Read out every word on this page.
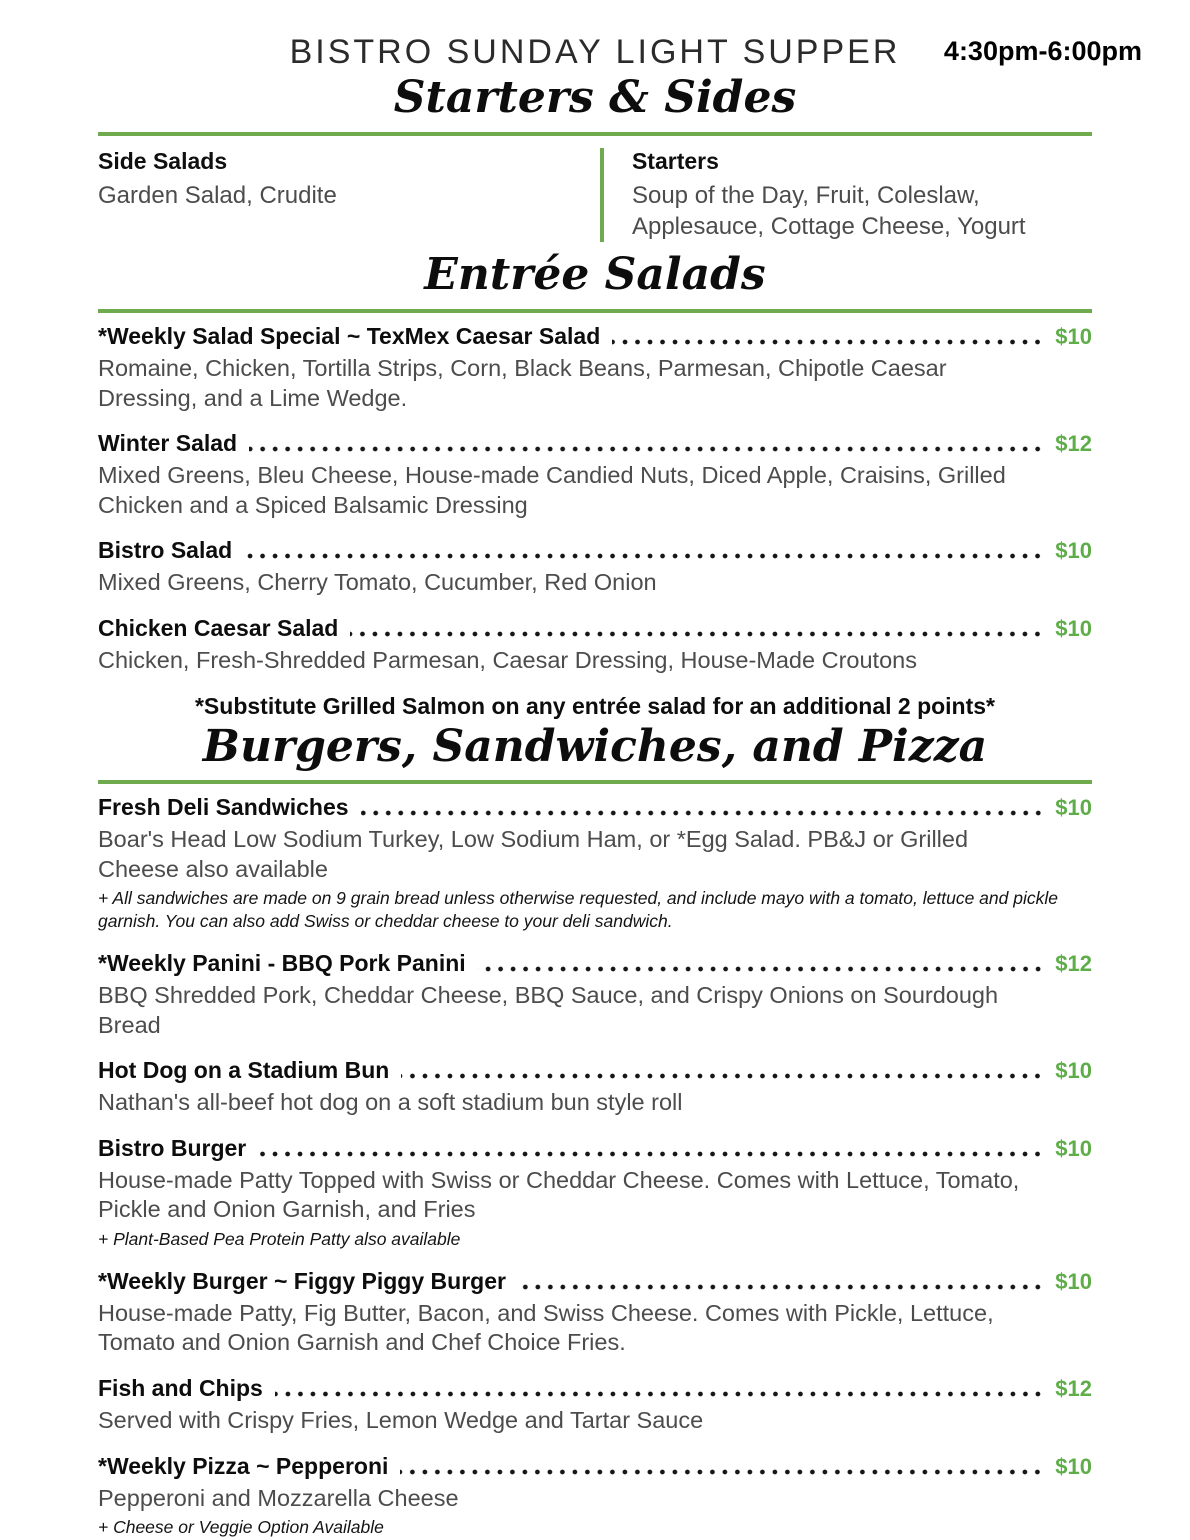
BISTRO SUNDAY LIGHT SUPPER	4:30pm-6:00pm
Starters & Sides
Side Salads
Garden Salad, Crudite
Starters
Soup of the Day, Fruit, Coleslaw, Applesauce, Cottage Cheese, Yogurt
Entrée Salads
*Weekly Salad Special ~ TexMex Caesar Salad	$10
Romaine, Chicken, Tortilla Strips, Corn, Black Beans, Parmesan, Chipotle Caesar Dressing, and a Lime Wedge.
Winter Salad	$12
Mixed Greens, Bleu Cheese, House-made Candied Nuts, Diced Apple, Craisins, Grilled Chicken and a Spiced Balsamic Dressing
Bistro Salad	$10
Mixed Greens, Cherry Tomato, Cucumber, Red Onion
Chicken Caesar Salad	$10
Chicken, Fresh-Shredded Parmesan, Caesar Dressing, House-Made Croutons
*Substitute Grilled Salmon on any entrée salad for an additional 2 points*
Burgers, Sandwiches, and Pizza
Fresh Deli Sandwiches	$10
Boar's Head Low Sodium Turkey, Low Sodium Ham, or *Egg Salad. PB&J or Grilled Cheese also available
+ All sandwiches are made on 9 grain bread unless otherwise requested, and include mayo with a tomato, lettuce and pickle garnish. You can also add Swiss or cheddar cheese to your deli sandwich.
*Weekly Panini - BBQ Pork Panini	$12
BBQ Shredded Pork, Cheddar Cheese, BBQ Sauce, and Crispy Onions on Sourdough Bread
Hot Dog on a Stadium Bun	$10
Nathan's all-beef hot dog on a soft stadium bun style roll
Bistro Burger	$10
House-made Patty Topped with Swiss or Cheddar Cheese. Comes with Lettuce, Tomato, Pickle and Onion Garnish, and Fries
+ Plant-Based Pea Protein Patty also available
*Weekly Burger ~ Figgy Piggy Burger	$10
House-made Patty, Fig Butter, Bacon, and Swiss Cheese. Comes with Pickle, Lettuce, Tomato and Onion Garnish and Chef Choice Fries.
Fish and Chips	$12
Served with Crispy Fries, Lemon Wedge and Tartar Sauce
*Weekly Pizza ~ Pepperoni	$10
Pepperoni and Mozzarella Cheese
+ Cheese or Veggie Option Available
